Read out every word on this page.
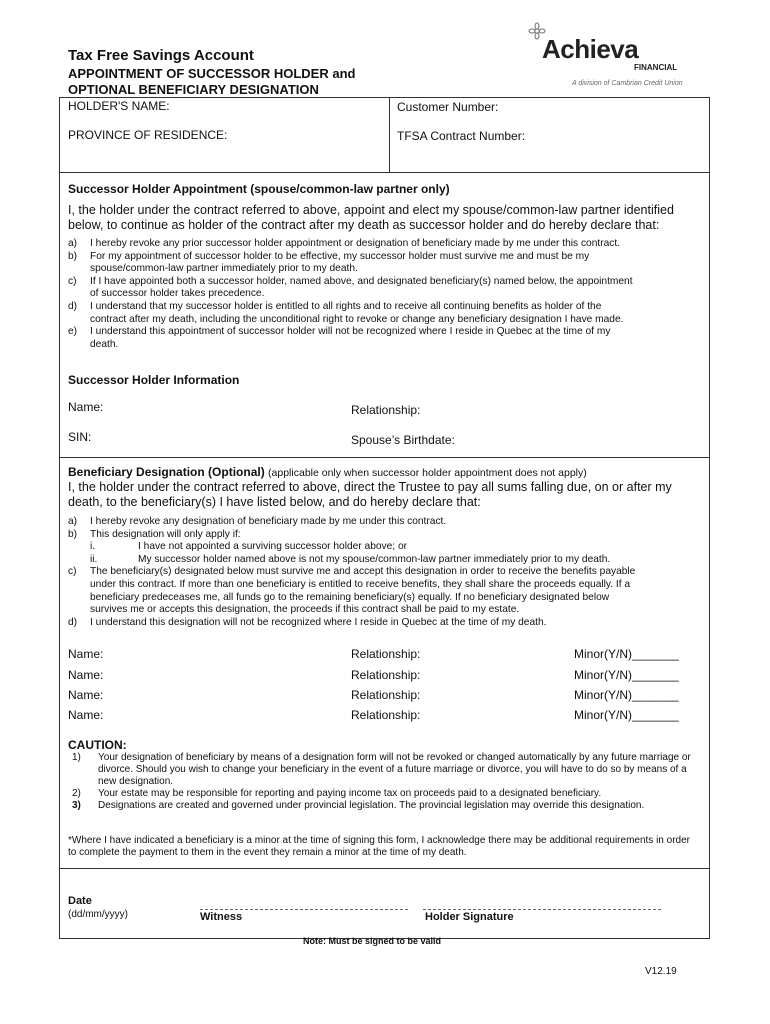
Tax Free Savings Account
APPOINTMENT OF SUCCESSOR HOLDER and
OPTIONAL BENEFICIARY DESIGNATION
Achieva
FINANCIAL
A division of Cambrian Credit Union
HOLDER'S NAME:	Customer Number:
PROVINCE OF RESIDENCE:	TFSA Contract Number:
Successor Holder Appointment (spouse/common-law partner only)
I, the holder under the contract referred to above, appoint and elect my spouse/common-law partner identified
below, to continue as holder of the contract after my death as successor holder and do hereby declare that:
a)	I hereby revoke any prior successor holder appointment or designation of beneficiary made by me under this contract.
b)	For my appointment of successor holder to be effective, my successor holder must survive me and must be my
spouse/common-law partner immediately prior to my death.
c)	If I have appointed both a successor holder, named above, and designated beneficiary(s) named below, the appointment
of successor holder takes precedence.
d)	I understand that my successor holder is entitled to all rights and to receive all continuing benefits as holder of the
contract after my death, including the unconditional right to revoke or change any beneficiary designation I have made.
e)	I understand this appointment of successor holder will not be recognized where I reside in Quebec at the time of my
death.
Successor Holder Information
Name:	Relationship:
SIN:	Spouse’s Birthdate:
Beneficiary Designation (Optional) (applicable only when successor holder appointment does not apply)
I, the holder under the contract referred to above, direct the Trustee to pay all sums falling due, on or after my
death, to the beneficiary(s) I have listed below, and do hereby declare that:
a)	I hereby revoke any designation of beneficiary made by me under this contract.
b)	This designation will only apply if:
i.	I have not appointed a surviving successor holder above; or
ii.	My successor holder named above is not my spouse/common-law partner immediately prior to my death.
c)	The beneficiary(s) designated below must survive me and accept this designation in order to receive the benefits payable
under this contract. If more than one beneficiary is entitled to receive benefits, they shall share the proceeds equally. If a
beneficiary predeceases me, all funds go to the remaining beneficiary(s) equally. If no beneficiary designated below
survives me or accepts this designation, the proceeds if this contract shall be paid to my estate.
d)	I understand this designation will not be recognized where I reside in Quebec at the time of my death.
Name:	Relationship:	Minor(Y/N)_______
Name:	Relationship:	Minor(Y/N)_______
Name:	Relationship:	Minor(Y/N)_______
Name:	Relationship:	Minor(Y/N)_______
CAUTION:
1)	Your designation of beneficiary by means of a designation form will not be revoked or changed automatically by any future marriage or
divorce. Should you wish to change your beneficiary in the event of a future marriage or divorce, you will have to do so by means of a
new designation.
2)	Your estate may be responsible for reporting and paying income tax on proceeds paid to a designated beneficiary.
3)	Designations are created and governed under provincial legislation. The provincial legislation may override this designation.
*Where I have indicated a beneficiary is a minor at the time of signing this form, I acknowledge there may be additional requirements in order
to complete the payment to them in the event they remain a minor at the time of my death.
Date
(dd/mm/yyyy)	Witness	Holder Signature
Note: Must be signed to be valid
V12.19
